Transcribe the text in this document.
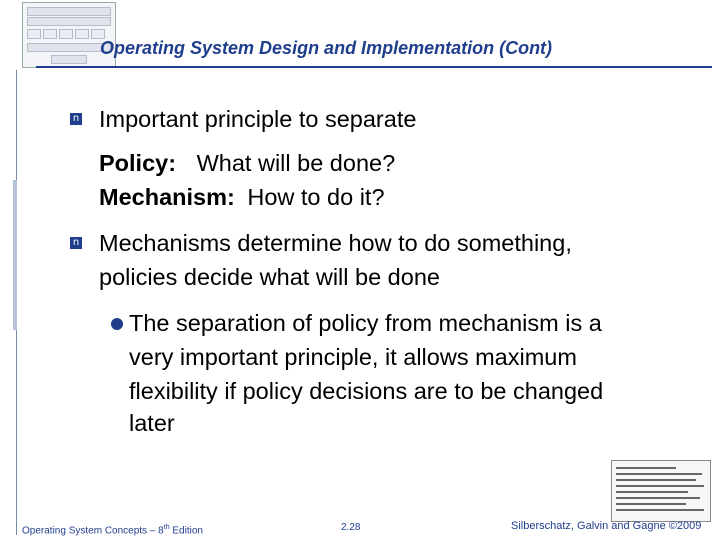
Operating System Design and Implementation (Cont)
n Important principle to separate
Policy: What will be done?
Mechanism: How to do it?
n Mechanisms determine how to do something,
policies decide what will be done
The separation of policy from mechanism is a
very important principle, it allows maximum
flexibility if policy decisions are to be changed
later
Operating System Concepts – 8th Edition	2.28	Silberschatz, Galvin and Gagne ©2009
